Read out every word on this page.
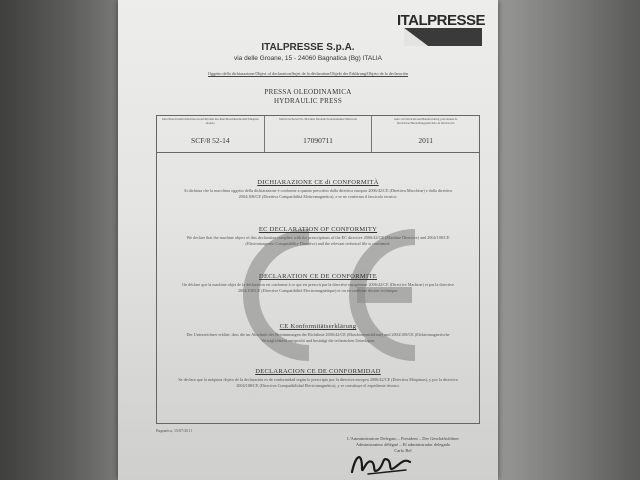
ITALPRESSE
ITALPRESSE S.p.A.
via delle Groane, 15 - 24060 Bagnatica (Bg) ITALIA
Oggetto della dichiarazione/Object of declaration/Sujet de la déclaration/Objekt der Erklärung/Objeto de la declaración
PRESSA OLEODINAMICA
HYDRAULIC PRESS
Macchina modello/Machine model/Modèle machine/Maschinenmodell/Máquina modelo
SCF/8 52-14
Matricola/Serial No./Machine Modelle/Seriennummer/Matrícula
17090711
Anno di fabbricazione/Manufacturing year/Année de fabrication/Herstellungsjahr/Año de fabricación
2011
DICHIARAZIONE CE di CONFORMITÀ
Si dichiara che la macchina oggetto della dichiarazione è conforme a quanto prescritto dalla direttiva europea 2006/42/CE (Direttiva Macchine) e dalla direttiva 2004/108/CE (Direttiva Compatibilità Elettromagnetica), e se ne conferma il fascicolo tecnico.
EC DECLARATION OF CONFORMITY
We declare that the machine object of this declaration complies with the prescriptions of the EC directive 2006/42/CE (Machine Directive) and 2004/108/CE (Electromagnetic Compatibility Directive) and the relevant technical file is confirmed.
DECLARATION CE DE CONFORMITE
On déclare que la machine objet de la déclaration est conforme à ce qui est prescrit par la directive européenne 2006/42/CE (Directive Machine) et par la directive 2004/108/CE (Directive Compatibilité Electromagnétique) et on en confirme dossier technique.
CE Konformitätserklärung
Der Unterzeichner erklärt, dass die im Abschnitt des Bestimmungen der Richtlinie 2006/42/CE (Maschinenrichtlinie) und 2004/108/CE (Elektromagnetische Verträglichkeit) entspricht und bestätigt die technischen Unterlagen.
DECLARACION CE DE CONFORMIDAD
Se declara que la máquina objeto de la declaración es de conformidad según lo prescripto por la directiva europea 2006/42/CE (Directiva Máquinas), y por la directiva 2004/108/CE (Directiva Compatibilidad Electromagnética), y se constituye el expediente técnico.
Bagnatica, 15/07/2011
L'Amministratore Delegato – President – Der Geschäftsführer
Administrateur délégué – El administrador delegado
Carlo Bel
